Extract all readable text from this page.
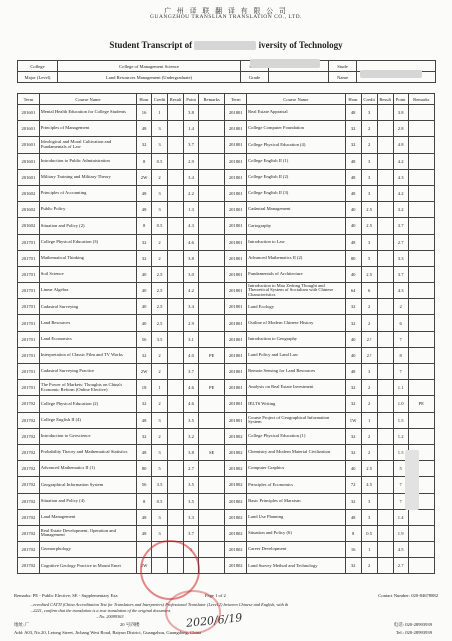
广 州 译 联 翻 译 有 限 公 司
GUANGZHOU TRANSLIAN TRANSLATION CO., LTD.
Student Transcript of	iversity of Technology
College	College of Management Science			Stude	
Major (Level)	Land Resources Management (Undergraduate)	Grade		Name	
Term	Course Name	Hour	Credit	Result	Point	Remarks	Term	Course Name	Hour	Credit	Result	Point	Remarks
201601	Mental Health Education for College Students	16	1		3.8		201801	Real Estate Appraisal	48	3		3.8	
201601	Principles of Management	48	3		1.4		201801	College Computer Foundation	32	2		2.8	
201601	Ideological and Moral Cultivation and Fundamentals of Law	32	3		3.7		201801	College Physical Education (4)	32	2		4.8	
201601	Introduction to Public Administration	8	0.5		2.9		201801	College English II (1)	48	3		4.2	
201601	Military Training and Military Theory	2W	2		3.4		201801	College English II (2)	48	3		4.3	
201602	Principles of Accounting	48	3		2.2		201801	College English II (3)	48	3		4.2	
201602	Public Policy	48	3		1.3		201801	Cadastral Management	40	2.5		3.2	
201602	Situation and Policy (2)	8	0.5		4.3		201801	Cartography	40	2.5		3.7	
201701	College Physical Education (3)	32	2		4.6		201801	Introduction to Law	48	3		2.7	
201701	Mathematical Thinking	32	2		3.8		201801	Advanced Mathematics II (2)	80	5		3.3	
201701	Soil Science	40	2.5		3.0		201801	Fundamentals of Architecture	40	2.5		3.7	
201701	Linear Algebra	40	2.5		4.2		201801	Introduction to Mao Zedong Thought and Theoretical System of Socialism with Chinese Characteristics	64	6		4.3	
201701	Cadastral Surveying	40	2.5		3.4		201801	Land Ecology	32	2		2	
201701	Land Resources	40	2.5		2.9		201801	Outline of Modern Chinese History	32	2		6	
201701	Land Economics	56	3.5		3.1		201801	Introduction to Geography	40	2.!		7	
201701	Interpretation of Classic Film and TV Works	32	2		4.0	PE	201801	Land Policy and Land Law	40	2.!		8	
201701	Cadastral Surveying Practice	2W	2		3.7		201801	Remote Sensing for Land Resources	48	3		7	
201701	The Power of Markets: Thoughts on China's Economic Reform (Online Elective)	18	1		4.6	PE	201801	Analysis on Real Estate Investment	32	2		1.1	
201702	College Physical Education (2)	32	2		4.6		201801	IELTS Writing	32	2		1.0	PE
201702	College English II (4)	48	3		3.5		201801	Course Project of Geographical Information System	1W	1		1.5	
201702	Introduction to Geoscience	32	2		3.2		201802	College Physical Education (1)	32	2		1.2	
201702	Probability Theory and Mathematical Statistics	48	3		3.8	SE	201802	Chemistry and Modern Material Civilization	32	2		1.5	
201702	Advanced Mathematics II (1)	80	5		2.7		201802	Computer Graphics	40	2.5		5	
201702	Geographical Information System	56	3.5		3.5		201802	Principles of Economics	72	4.5		7	
201702	Situation and Policy (4)	8	0.5		3.5		201802	Basic Principles of Marxism	32	3		7	
201702	Land Management	48	3		3.3		201802	Land Use Planning	48	3		1.4	
201702	Real Estate Development, Operation and Management	48	3		3.7		201802	Situation and Policy (6)	8	0.5		1.9	
201702	Geomorphology				1		201802	Career Development	16	1		4.5	
201702	Cognitive Geology Practice in Mount Emei	2W					201802	Land Survey Method and Technology	32	2		2.7	
Remarks: PE - Public Elective; SE - Supplementary Exa	Page 1 of 2	Contact Number: 020-84678882
...ecredited CATTI (China Accreditation Test for Translators and Interpreters) Professional Translator (Level 2) between Chinese and English, with th
...2221, confirm that the translation is a true translation of the original document.
...No. 20099363	2020/6/19
地址:广	20 号四楼	电话: 020-28993939
Add: A03, No.20, Letong Street, Jichang West Road, Baiyun District, Guangzhou, Guangdong, China	Tel.: 020-28993939
